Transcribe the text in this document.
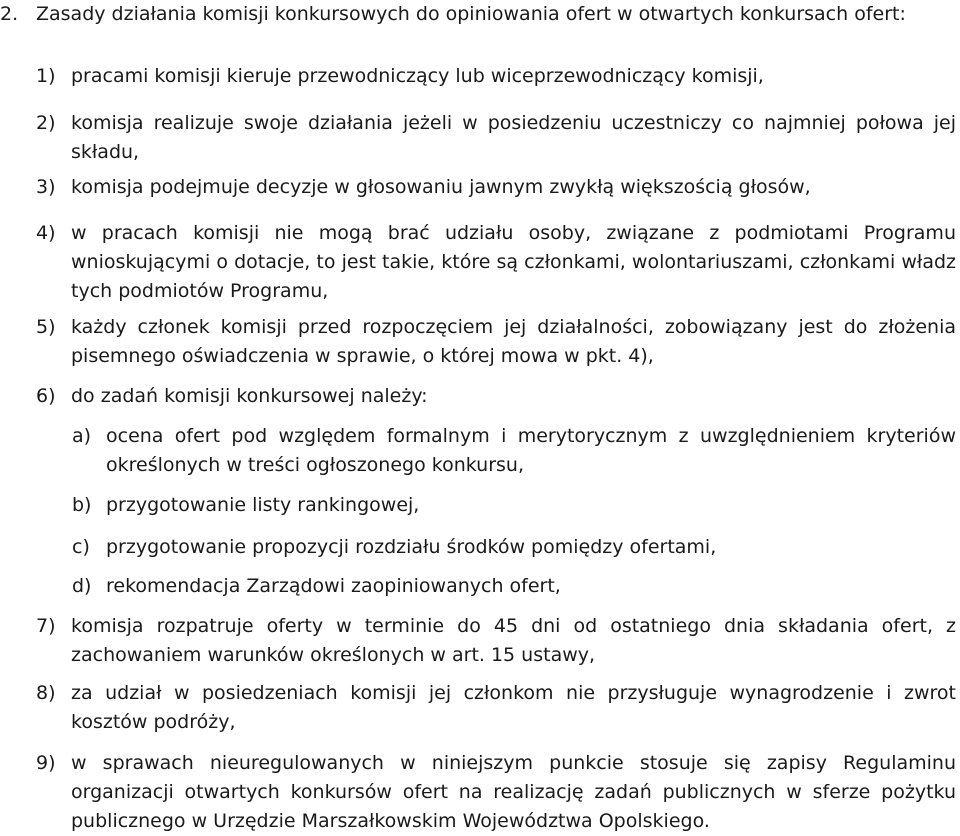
2. Zasady działania komisji konkursowych do opiniowania ofert w otwartych konkursach ofert:
1) pracami komisji kieruje przewodniczący lub wiceprzewodniczący komisji,
2) komisja realizuje swoje działania jeżeli w posiedzeniu uczestniczy co najmniej połowa jej składu,
3) komisja podejmuje decyzje w głosowaniu jawnym zwykłą większością głosów,
4) w pracach komisji nie mogą brać udziału osoby, związane z podmiotami Programu wnioskującymi o dotacje, to jest takie, które są członkami, wolontariuszami, członkami władz tych podmiotów Programu,
5) każdy członek komisji przed rozpoczęciem jej działalności, zobowiązany jest do złożenia pisemnego oświadczenia w sprawie, o której mowa w pkt. 4),
6) do zadań komisji konkursowej należy:
a) ocena ofert pod względem formalnym i merytorycznym z uwzględnieniem kryteriów określonych w treści ogłoszonego konkursu,
b) przygotowanie listy rankingowej,
c) przygotowanie propozycji rozdziału środków pomiędzy ofertami,
d) rekomendacja Zarządowi zaopiniowanych ofert,
7) komisja rozpatruje oferty w terminie do 45 dni od ostatniego dnia składania ofert, z zachowaniem warunków określonych w art. 15 ustawy,
8) za udział w posiedzeniach komisji jej członkom nie przysługuje wynagrodzenie i zwrot kosztów podróży,
9) w sprawach nieuregulowanych w niniejszym punkcie stosuje się zapisy Regulaminu organizacji otwartych konkursów ofert na realizację zadań publicznych w sferze pożytku publicznego w Urzędzie Marszałkowskim Województwa Opolskiego.
